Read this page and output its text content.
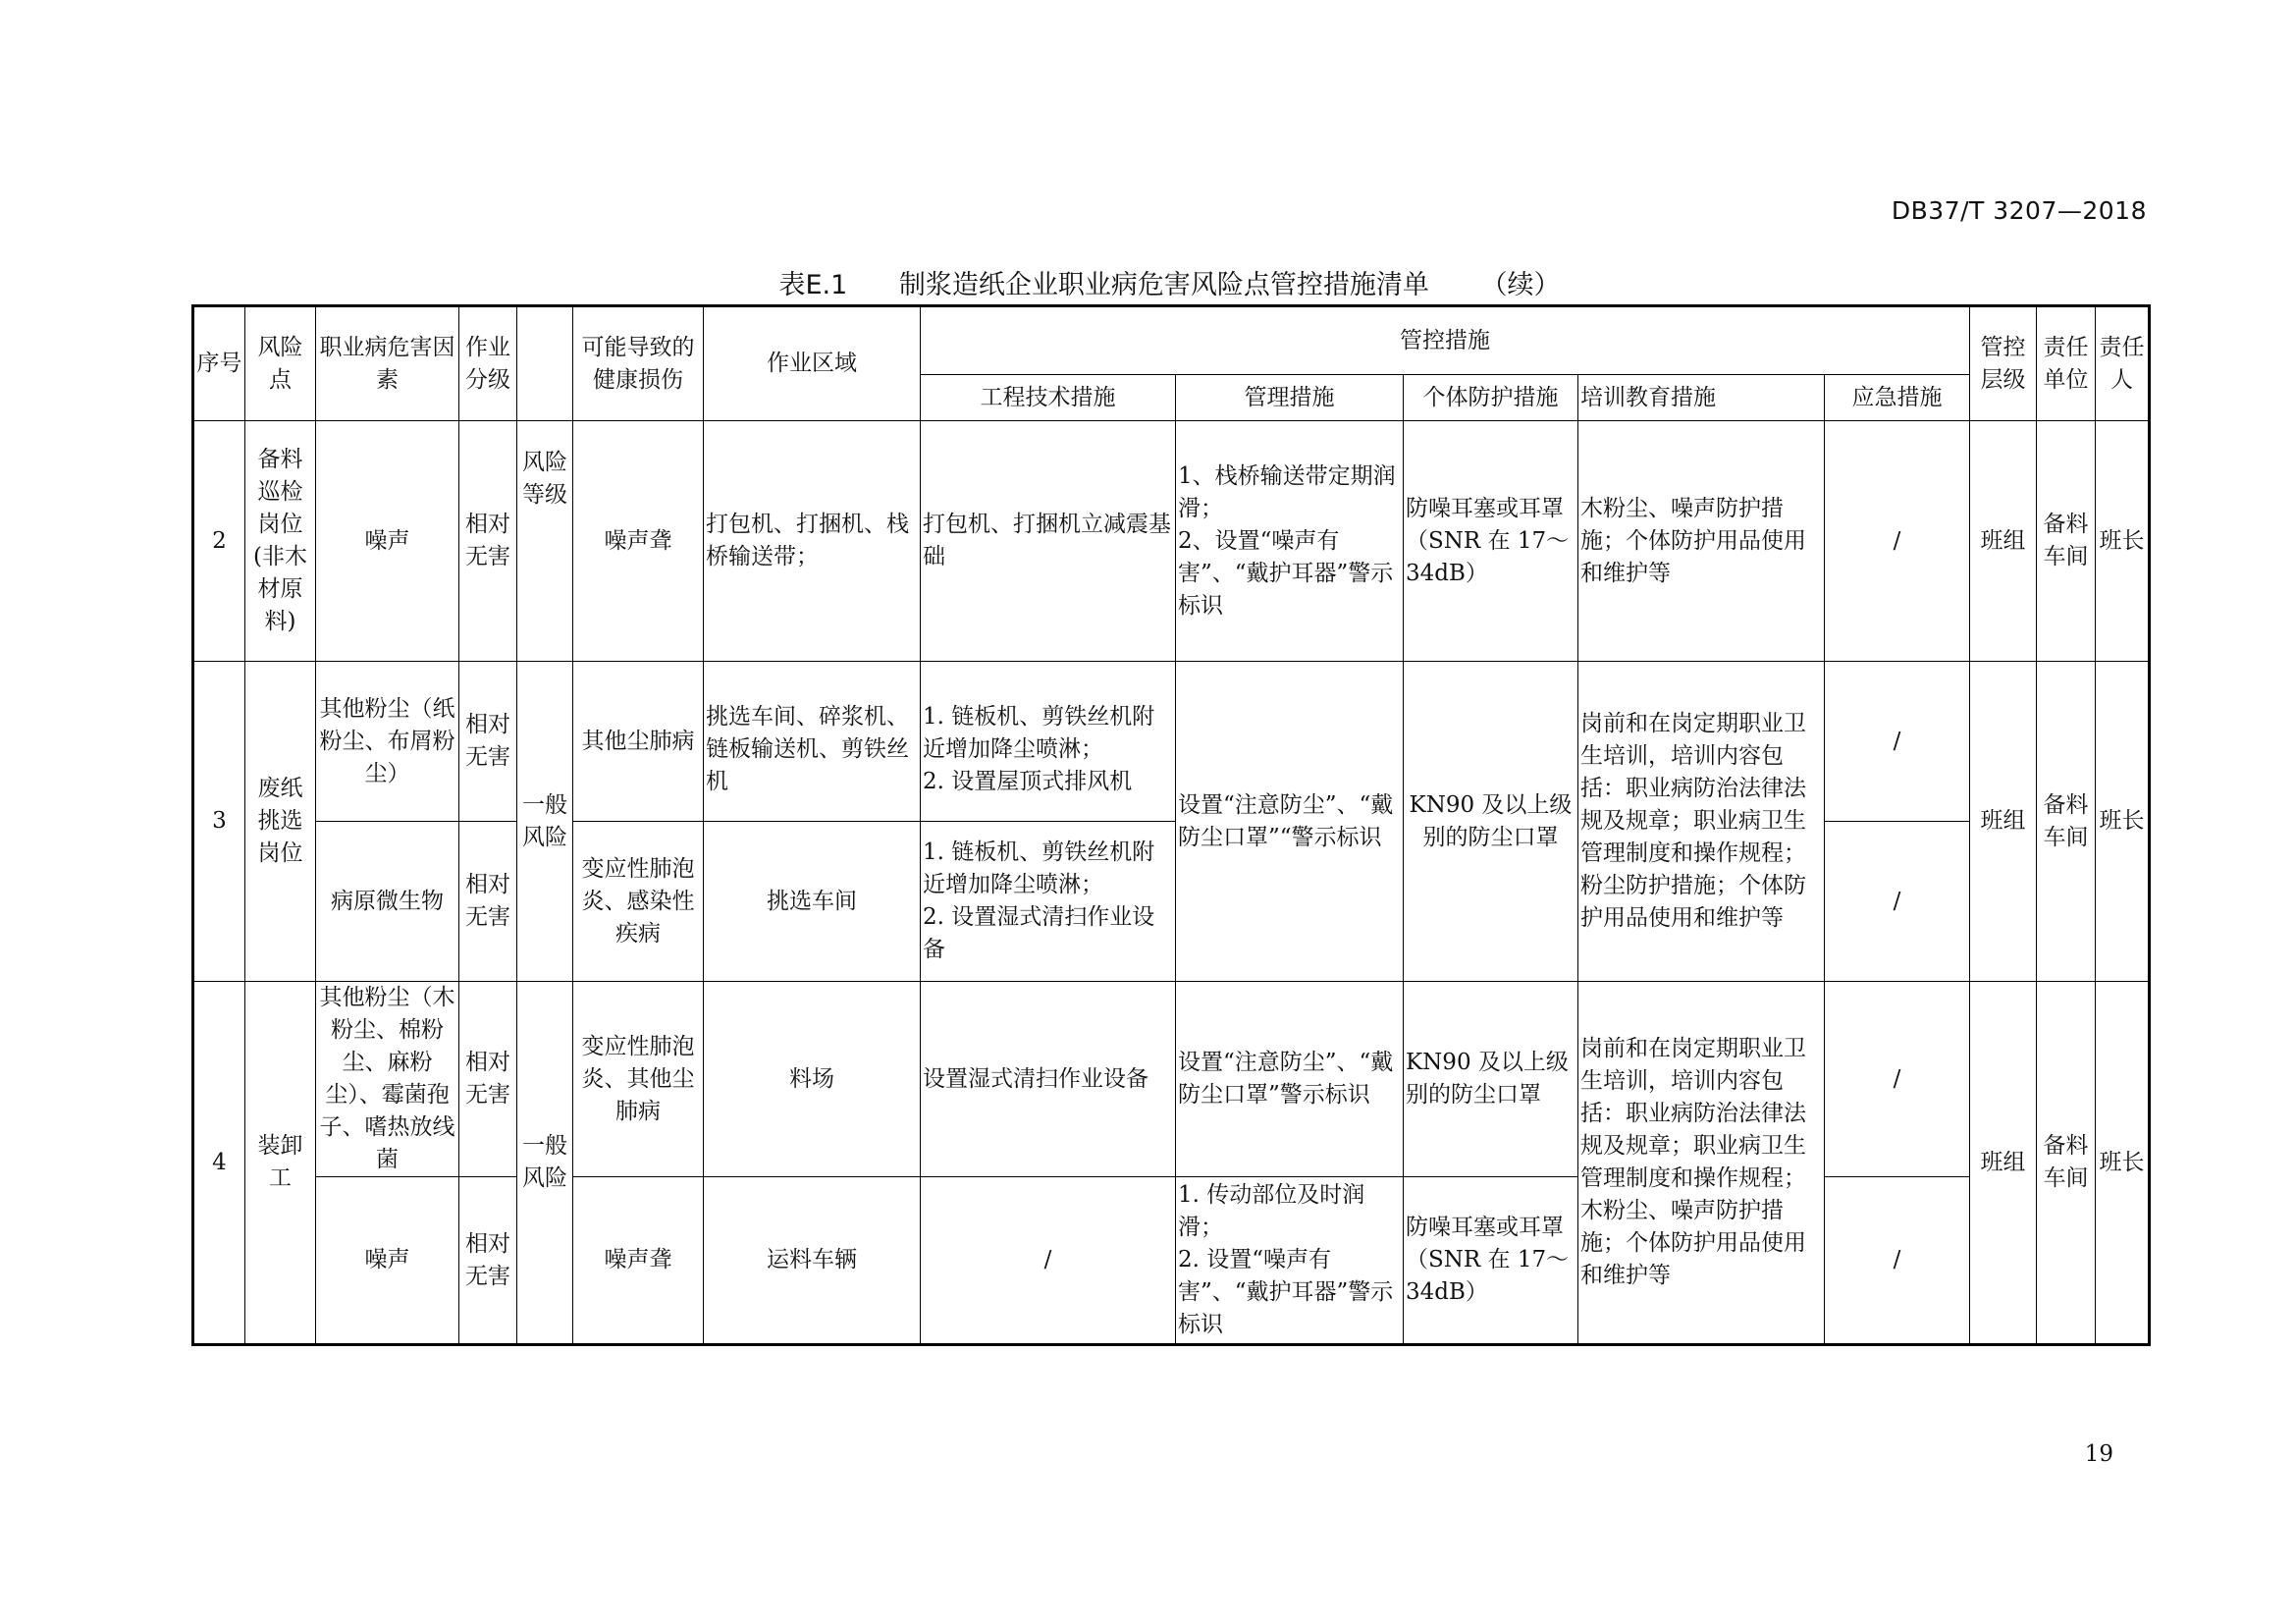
DB37/T 3207—2018
表E.1 制浆造纸企业职业病危害风险点管控措施清单 （续）
序号	风险点	职业病危害因素	作业分级		可能导致的健康损伤	作业区域	管控措施					管控层级	责任单位	责任人
							工程技术措施	管理措施	个体防护措施	培训教育措施	应急措施			
2	备料巡检岗位(非木材原料)	噪声	相对无害	风险等级	噪声聋	打包机、打捆机、栈桥输送带；	打包机、打捆机立减震基础	1、栈桥输送带定期润滑；
2、设置“噪声有害”、“戴护耳器”警示标识	防噪耳塞或耳罩（SNR 在 17～34dB）	木粉尘、噪声防护措施；个体防护用品使用和维护等	/	班组	备料车间	班长
3	废纸挑选岗位	其他粉尘（纸粉尘、布屑粉尘）	相对无害	一般风险	其他尘肺病	挑选车间、碎浆机、链板输送机、剪铁丝机	1. 链板机、剪铁丝机附近增加降尘喷淋；
2. 设置屋顶式排风机	设置“注意防尘”、“戴防尘口罩”“警示标识	KN90 及以上级别的防尘口罩	岗前和在岗定期职业卫生培训，培训内容包括：职业病防治法律法规及规章；职业病卫生管理制度和操作规程；粉尘防护措施；个体防护用品使用和维护等	/	班组	备料车间	班长
		病原微生物	相对无害		变应性肺泡炎、感染性疾病	挑选车间	1. 链板机、剪铁丝机附近增加降尘喷淋；
2. 设置湿式清扫作业设备				/			
4	装卸工	其他粉尘（木粉尘、棉粉尘、麻粉尘）、霉菌孢子、嗜热放线菌	相对无害	一般风险	变应性肺泡炎、其他尘肺病	料场	设置湿式清扫作业设备	设置“注意防尘”、“戴防尘口罩”警示标识	KN90 及以上级别的防尘口罩	岗前和在岗定期职业卫生培训，培训内容包括：职业病防治法律法规及规章；职业病卫生管理制度和操作规程；木粉尘、噪声防护措施；个体防护用品使用和维护等	/	班组	备料车间	班长
		噪声	相对无害		噪声聋	运料车辆	/	1. 传动部位及时润滑；
2. 设置“噪声有害”、“戴护耳器”警示标识	防噪耳塞或耳罩（SNR 在 17～34dB）		/			
19
